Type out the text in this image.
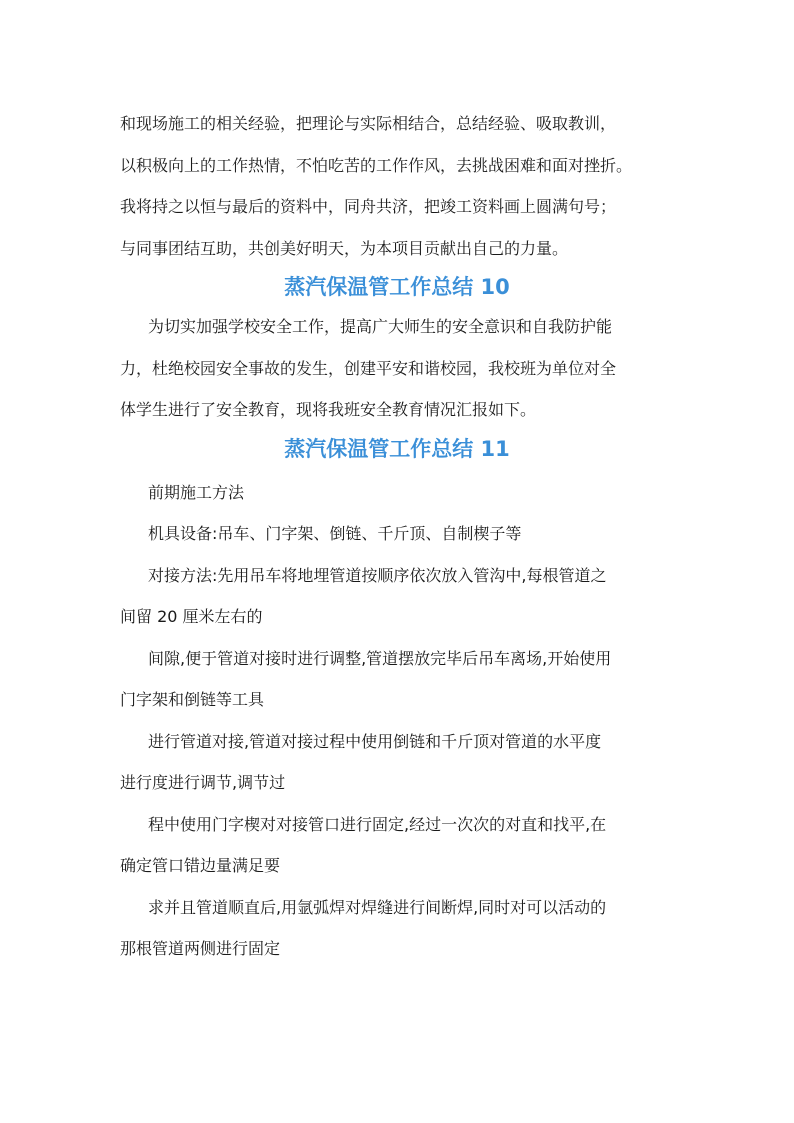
和现场施工的相关经验，把理论与实际相结合，总结经验、吸取教训，

以积极向上的工作热情，不怕吃苦的工作作风，去挑战困难和面对挫折。

我将持之以恒与最后的资料中，同舟共济，把竣工资料画上圆满句号；

与同事团结互助，共创美好明天，为本项目贡献出自己的力量。

蒸汽保温管工作总结 10

为切实加强学校安全工作，提高广大师生的安全意识和自我防护能

力，杜绝校园安全事故的发生，创建平安和谐校园，我校班为单位对全

体学生进行了安全教育，现将我班安全教育情况汇报如下。

蒸汽保温管工作总结 11

前期施工方法

机具设备:吊车、门字架、倒链、千斤顶、自制楔子等

对接方法:先用吊车将地埋管道按顺序依次放入管沟中,每根管道之

间留 20 厘米左右的

间隙,便于管道对接时进行调整,管道摆放完毕后吊车离场,开始使用

门字架和倒链等工具

进行管道对接,管道对接过程中使用倒链和千斤顶对管道的水平度

进行度进行调节,调节过

程中使用门字楔对对接管口进行固定,经过一次次的对直和找平,在

确定管口错边量满足要

求并且管道顺直后,用氩弧焊对焊缝进行间断焊,同时对可以活动的

那根管道两侧进行固定
